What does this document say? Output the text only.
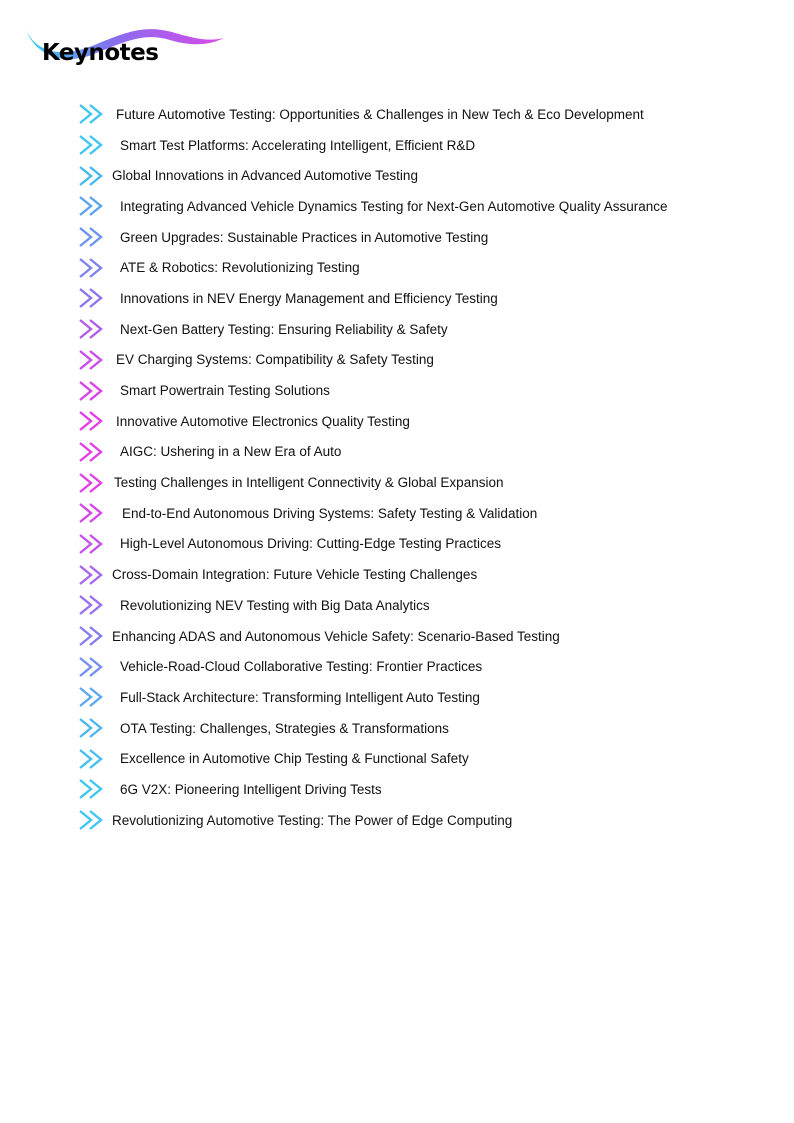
Keynotes
Future Automotive Testing: Opportunities & Challenges in New Tech & Eco Development
Smart Test Platforms: Accelerating Intelligent, Efficient R&D
Global Innovations in Advanced Automotive Testing
Integrating Advanced Vehicle Dynamics Testing for Next-Gen Automotive Quality Assurance
Green Upgrades: Sustainable Practices in Automotive Testing
ATE & Robotics: Revolutionizing Testing
Innovations in NEV Energy Management and Efficiency Testing
Next-Gen Battery Testing: Ensuring Reliability & Safety
EV Charging Systems: Compatibility & Safety Testing
Smart Powertrain Testing Solutions
Innovative Automotive Electronics Quality Testing
AIGC: Ushering in a New Era of Auto
Testing Challenges in Intelligent Connectivity & Global Expansion
End-to-End Autonomous Driving Systems: Safety Testing & Validation
High-Level Autonomous Driving: Cutting-Edge Testing Practices
Cross-Domain Integration: Future Vehicle Testing Challenges
Revolutionizing NEV Testing with Big Data Analytics
Enhancing ADAS and Autonomous Vehicle Safety: Scenario-Based Testing
Vehicle-Road-Cloud Collaborative Testing: Frontier Practices
Full-Stack Architecture: Transforming Intelligent Auto Testing
OTA Testing: Challenges, Strategies & Transformations
Excellence in Automotive Chip Testing & Functional Safety
6G V2X: Pioneering Intelligent Driving Tests
Revolutionizing Automotive Testing: The Power of Edge Computing
